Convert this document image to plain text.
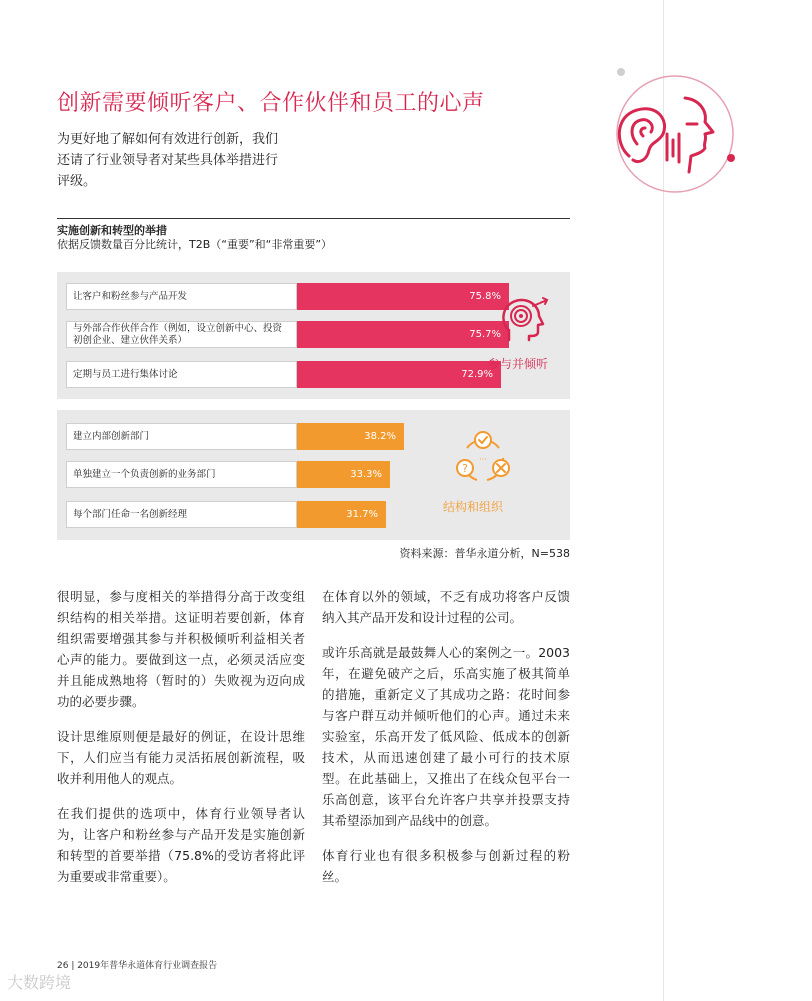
创新需要倾听客户、合作伙伴和员工的心声
为更好地了解如何有效进行创新，我们还请了行业领导者对某些具体举措进行评级。
实施创新和转型的举措
依据反馈数量百分比统计，T2B（“重要”和“非常重要”）
让客户和粉丝参与产品开发	75.8%
与外部合作伙伴合作（例如，设立创新中心、投资初创企业、建立伙伴关系）	75.7%
定期与员工进行集体讨论	72.9%
参与并倾听
建立内部创新部门	38.2%
单独建立一个负责创新的业务部门	33.3%
每个部门任命一名创新经理	31.7%
?
···
结构和组织
资料来源：普华永道分析，N=538

很明显，参与度相关的举措得分高于改变组织结构的相关举措。这证明若要创新，体育组织需要增强其参与并积极倾听利益相关者心声的能力。要做到这一点，必须灵活应变并且能成熟地将（暂时的）失败视为迈向成功的必要步骤。

设计思维原则便是最好的例证，在设计思维下，人们应当有能力灵活拓展创新流程，吸收并利用他人的观点。

在我们提供的选项中，体育行业领导者认为，让客户和粉丝参与产品开发是实施创新和转型的首要举措（75.8%的受访者将此评为重要或非常重要）。

在体育以外的领域，不乏有成功将客户反馈纳入其产品开发和设计过程的公司。

或许乐高就是最鼓舞人心的案例之一。2003年，在避免破产之后，乐高实施了极其简单的措施，重新定义了其成功之路：花时间参与客户群互动并倾听他们的心声。通过未来实验室，乐高开发了低风险、低成本的创新技术，从而迅速创建了最小可行的技术原型。在此基础上，又推出了在线众包平台一乐高创意，该平台允许客户共享并投票支持其希望添加到产品线中的创意。

体育行业也有很多积极参与创新过程的粉丝。

26 | 2019年普华永道体育行业调查报告
大数跨境
